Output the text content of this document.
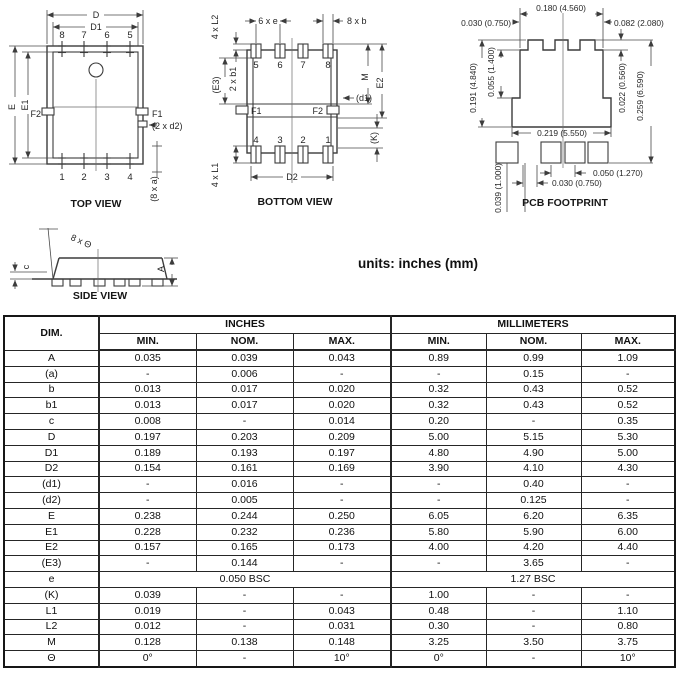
D
D1
E E1
F2	F1
(2 x d2)
(8 x a)
8 7 6 5
1 2 3 4
TOP VIEW
4 x L2	6 x e	8 x b
(E3) 2 x b1	M
E2
(d1)
F1	F2
(K)
D2
4 x L1
5 6 7 8
4 3 2 1
BOTTOM VIEW
0.180 (4.560)
0.030 (0.750)	0.082 (2.080)
0.191 (4.840) 0.055 (1.400)	0.022 (0.560) 0.259 (6.590)
0.219 (5.550)
0.050 (1.270)
0.030 (0.750)
0.039 (1.000) PCB FOOTPRINT
8 x Θ
c	A
SIDE VIEW
units: inches (mm)
DIM.	INCHES			MILLIMETERS		
	MIN.	NOM.	MAX.	MIN.	NOM.	MAX.
A	0.035	0.039	0.043	0.89	0.99	1.09
(a)	-	0.006	-	-	0.15	-
b	0.013	0.017	0.020	0.32	0.43	0.52
b1	0.013	0.017	0.020	0.32	0.43	0.52
c	0.008	-	0.014	0.20	-	0.35
D	0.197	0.203	0.209	5.00	5.15	5.30
D1	0.189	0.193	0.197	4.80	4.90	5.00
D2	0.154	0.161	0.169	3.90	4.10	4.30
(d1)	-	0.016	-	-	0.40	-
(d2)	-	0.005	-	-	0.125	-
E	0.238	0.244	0.250	6.05	6.20	6.35
E1	0.228	0.232	0.236	5.80	5.90	6.00
E2	0.157	0.165	0.173	4.00	4.20	4.40
(E3)	-	0.144	-	-	3.65	-
e	0.050 BSC			1.27 BSC		
(K)	0.039	-	-	1.00	-	-
L1	0.019	-	0.043	0.48	-	1.10
L2	0.012	-	0.031	0.30	-	0.80
M	0.128	0.138	0.148	3.25	3.50	3.75
Θ	0°	-	10°	0°	-	10°
